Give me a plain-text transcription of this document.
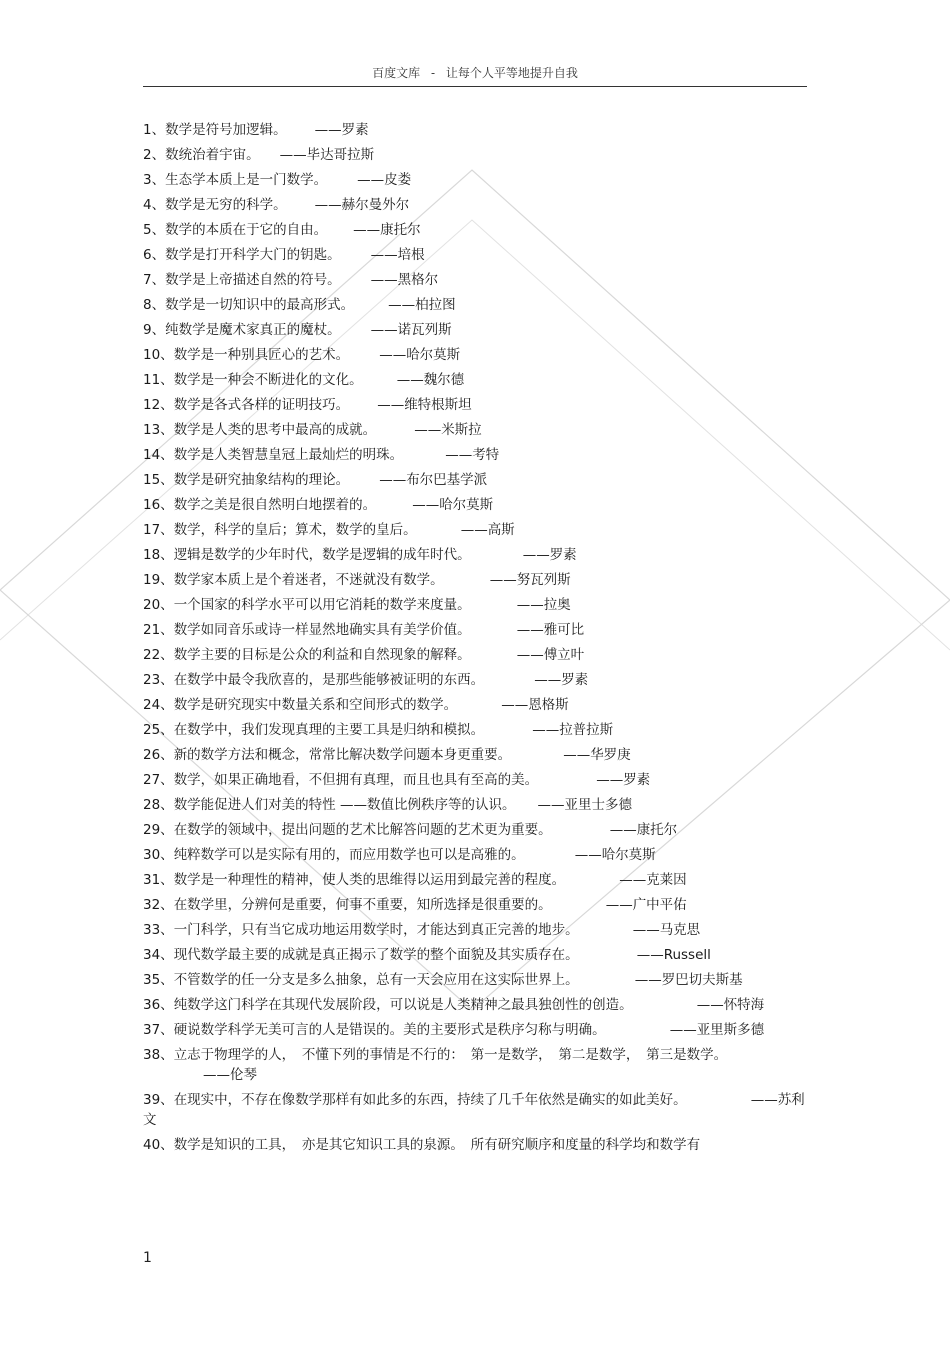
百度文库 - 让每个人平等地提升自我
1、数学是符号加逻辑。 ——罗素
2、数统治着宇宙。 ——毕达哥拉斯
3、生态学本质上是一门数学。 ——皮娄
4、数学是无穷的科学。 ——赫尔曼外尔
5、数学的本质在于它的自由。 ——康托尔
6、数学是打开科学大门的钥匙。 ——培根
7、数学是上帝描述自然的符号。 ——黑格尔
8、数学是一切知识中的最高形式。	——柏拉图
9、纯数学是魔术家真正的魔杖。 ——诺瓦列斯
10、数学是一种别具匠心的艺术。 ——哈尔莫斯
11、数学是一种会不断进化的文化。	——魏尔德
12、数学是各式各样的证明技巧。 ——维特根斯坦
13、数学是人类的思考中最高的成就。	——米斯拉
14、数学是人类智慧皇冠上最灿烂的明珠。	——考特
15、数学是研究抽象结构的理论。 ——布尔巴基学派
16、数学之美是很自然明白地摆着的。	——哈尔莫斯
17、数学，科学的皇后；算术，数学的皇后。	——高斯
18、逻辑是数学的少年时代，数学是逻辑的成年时代。	——罗素
19、数学家本质上是个着迷者，不迷就没有数学。	——努瓦列斯
20、一个国家的科学水平可以用它消耗的数学来度量。	——拉奥
21、数学如同音乐或诗一样显然地确实具有美学价值。	——雅可比
22、数学主要的目标是公众的利益和自然现象的解释。	——傅立叶
23、在数学中最令我欣喜的，是那些能够被证明的东西。	——罗素
24、数学是研究现实中数量关系和空间形式的数学。	——恩格斯
25、在数学中，我们发现真理的主要工具是归纳和模拟。	——拉普拉斯
26、新的数学方法和概念，常常比解决数学问题本身更重要。	——华罗庚
27、数学，如果正确地看，不但拥有真理，而且也具有至高的美。	——罗素
28、数学能促进人们对美的特性 ——数值比例秩序等的认识。 ——亚里士多德
29、在数学的领域中，提出问题的艺术比解答问题的艺术更为重要。	——康托尔
30、纯粹数学可以是实际有用的，而应用数学也可以是高雅的。	——哈尔莫斯
31、数学是一种理性的精神，使人类的思维得以运用到最完善的程度。	——克莱因
32、在数学里，分辨何是重要，何事不重要，知所选择是很重要的。	——广中平佑
33、一门科学，只有当它成功地运用数学时，才能达到真正完善的地步。	——马克思
34、现代数学最主要的成就是真正揭示了数学的整个面貌及其实质存在。	——Russell
35、不管数学的任一分支是多么抽象，总有一天会应用在这实际世界上。	——罗巴切夫斯基
36、纯数学这门科学在其现代发展阶段，可以说是人类精神之最具独创性的创造。	——怀特海
37、硬说数学科学无美可言的人是错误的。美的主要形式是秩序匀称与明确。	——亚里斯多德
38、立志于物理学的人，　不懂下列的事情是不行的：　第一是数学，　第二是数学，　第三是数学。——伦琴
39、在现实中，不存在像数学那样有如此多的东西，持续了几千年依然是确实的如此美好。	——苏利文
40、数学是知识的工具，　亦是其它知识工具的泉源。　所有研究顺序和度量的科学均和数学有
1
